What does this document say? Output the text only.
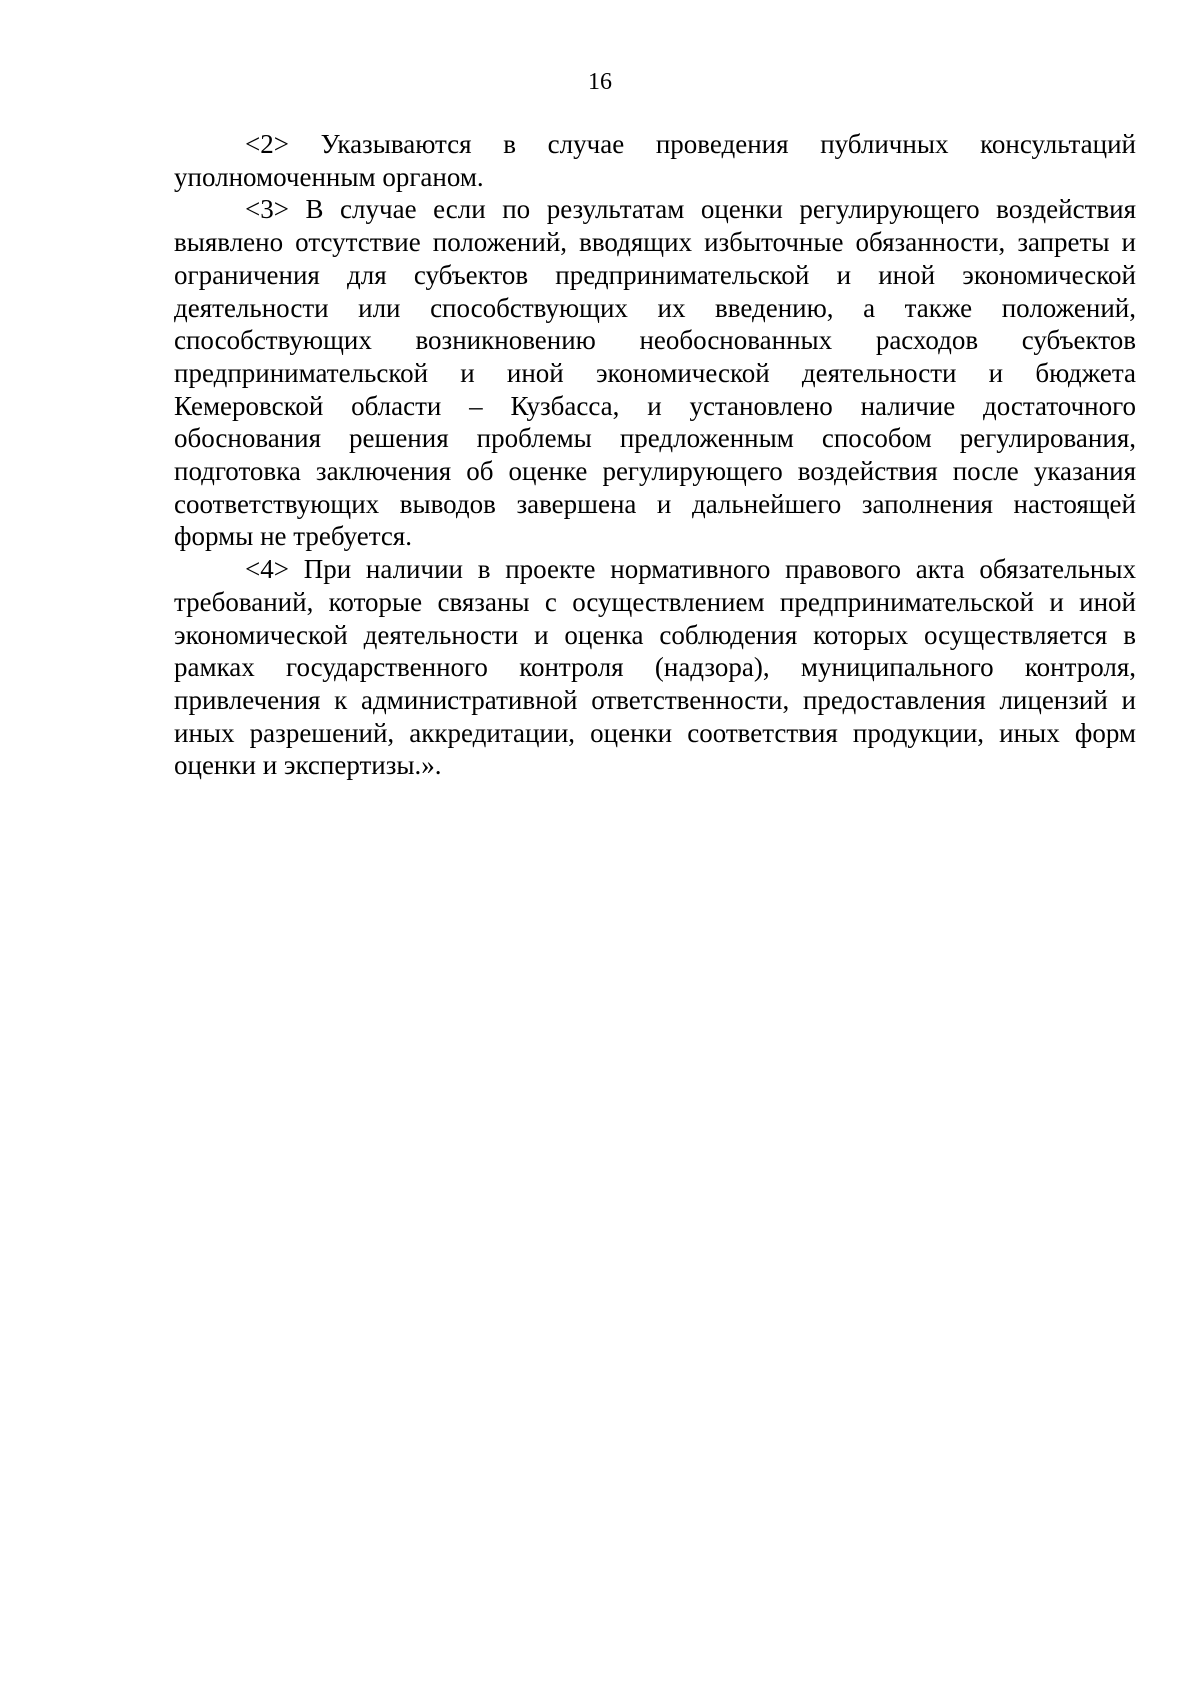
16

<2> Указываются в случае проведения публичных консультаций уполномоченным органом.

<3> В случае если по результатам оценки регулирующего воздействия выявлено отсутствие положений, вводящих избыточные обязанности, запреты и ограничения для субъектов предпринимательской и иной экономической деятельности или способствующих их введению, а также положений, способствующих возникновению необоснованных расходов субъектов предпринимательской и иной экономической деятельности и бюджета Кемеровской области – Кузбасса, и установлено наличие достаточного обоснования решения проблемы предложенным способом регулирования, подготовка заключения об оценке регулирующего воздействия после указания соответствующих выводов завершена и дальнейшего заполнения настоящей формы не требуется.

<4> При наличии в проекте нормативного правового акта обязательных требований, которые связаны с осуществлением предпринимательской и иной экономической деятельности и оценка соблюдения которых осуществляется в рамках государственного контроля (надзора), муниципального контроля, привлечения к административной ответственности, предоставления лицензий и иных разрешений, аккредитации, оценки соответствия продукции, иных форм оценки и экспертизы.».
